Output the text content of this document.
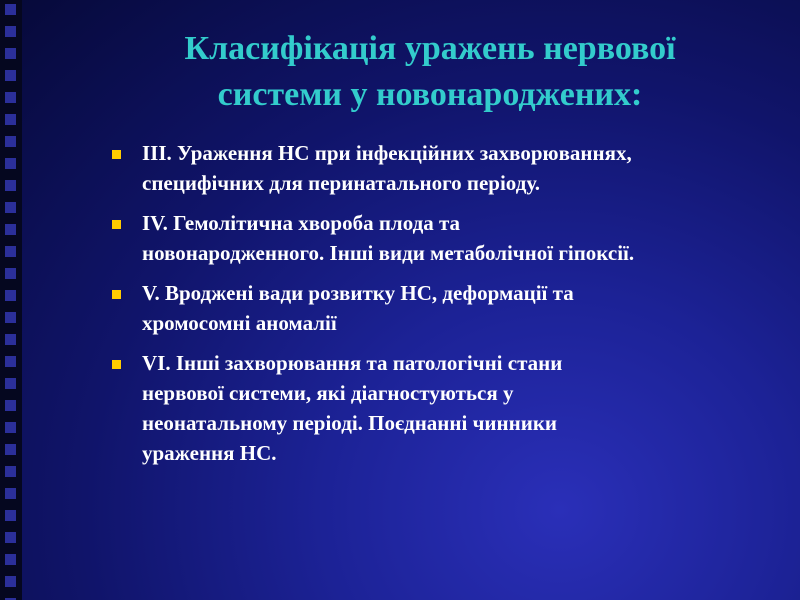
Класифікація уражень нервової
системи у новонароджених:
ІІІ. Ураження НС при інфекційних захворюваннях,
специфічних для перинатального періоду.
ІV. Гемолітична хвороба плода та
новонародженного. Інші види метаболічної гіпоксії.
V. Вроджені вади розвитку НС, деформації та
хромосомні аномалії
VІ. Інші захворювання та патологічні стани
нервової системи, які діагностуються у
неонатальному періоді. Поєднанні чинники
ураження НС.
